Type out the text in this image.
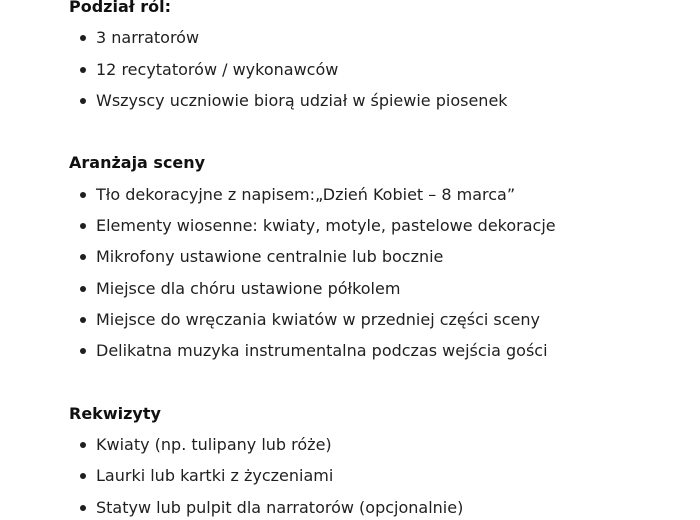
Podział ról:

3 narratorów
12 recytatorów / wykonawców
Wszyscy uczniowie biorą udział w śpiewie piosenek

Aranżaja sceny

Tło dekoracyjne z napisem:„Dzień Kobiet – 8 marca”
Elementy wiosenne: kwiaty, motyle, pastelowe dekoracje
Mikrofony ustawione centralnie lub bocznie
Miejsce dla chóru ustawione półkolem
Miejsce do wręczania kwiatów w przedniej części sceny
Delikatna muzyka instrumentalna podczas wejścia gości

Rekwizyty

Kwiaty (np. tulipany lub róże)
Laurki lub kartki z życzeniami
Statyw lub pulpit dla narratorów (opcjonalnie)
